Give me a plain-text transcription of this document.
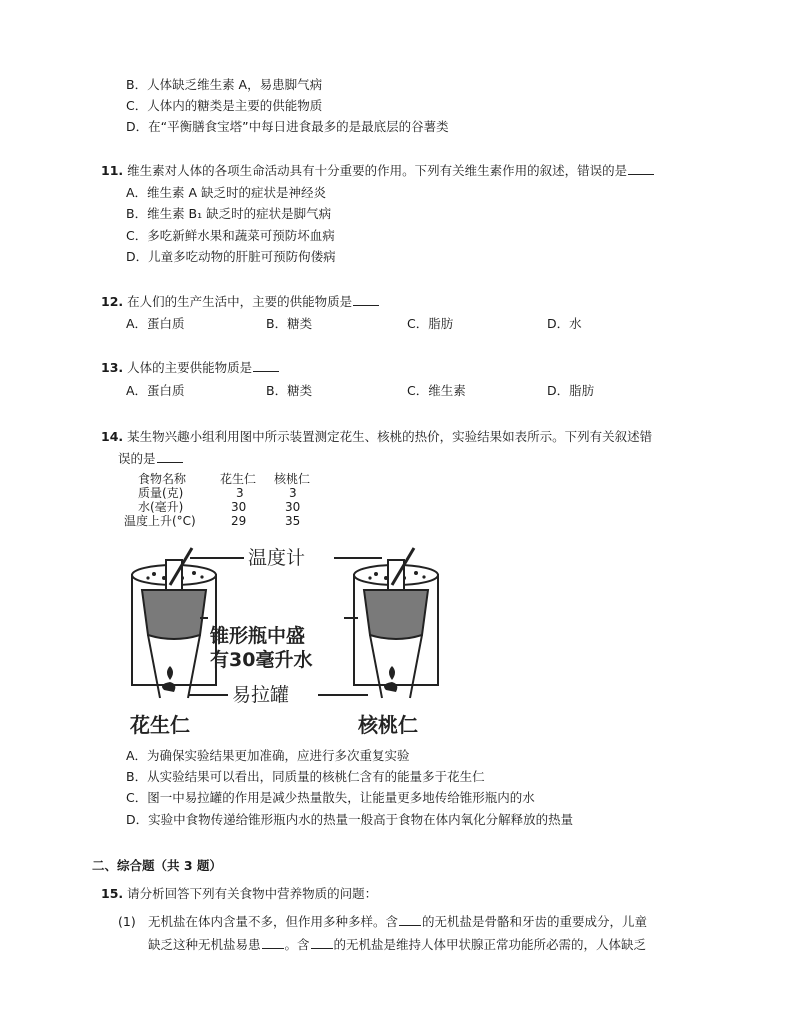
B．人体缺乏维生素 A，易患脚气病
C．人体内的糖类是主要的供能物质
D．在“平衡膳食宝塔”中每日进食最多的是最底层的谷薯类
11. 维生素对人体的各项生命活动具有十分重要的作用。下列有关维生素作用的叙述，错误的是
A．维生素 A 缺乏时的症状是神经炎
B．维生素 B₁ 缺乏时的症状是脚气病
C．多吃新鲜水果和蔬菜可预防坏血病
D．儿童多吃动物的肝脏可预防佝偻病
12. 在人们的生产生活中，主要的供能物质是
A．蛋白质	B．糖类	C．脂肪	D．水
13. 人体的主要供能物质是
A．蛋白质	B．糖类	C．维生素	D．脂肪
14. 某生物兴趣小组利用图中所示装置测定花生、核桃的热价，实验结果如表所示。下列有关叙述错
误的是
食物名称	花生仁 核桃仁
质量(克)	3	3
水(毫升)	30	30
温度上升(°C)	29	35
温度计
锥形瓶中盛
有30毫升水
易拉罐
花生仁	核桃仁
A．为确保实验结果更加准确，应进行多次重复实验
B．从实验结果可以看出，同质量的核桃仁含有的能量多于花生仁
C．图一中易拉罐的作用是减少热量散失，让能量更多地传给锥形瓶内的水
D．实验中食物传递给锥形瓶内水的热量一般高于食物在体内氧化分解释放的热量
二、综合题（共 3 题）
15. 请分析回答下列有关食物中营养物质的问题：
(1) 无机盐在体内含量不多，但作用多种多样。含 的无机盐是骨骼和牙齿的重要成分，儿童
缺乏这种无机盐易患 。含 的无机盐是维持人体甲状腺正常功能所必需的，人体缺乏
